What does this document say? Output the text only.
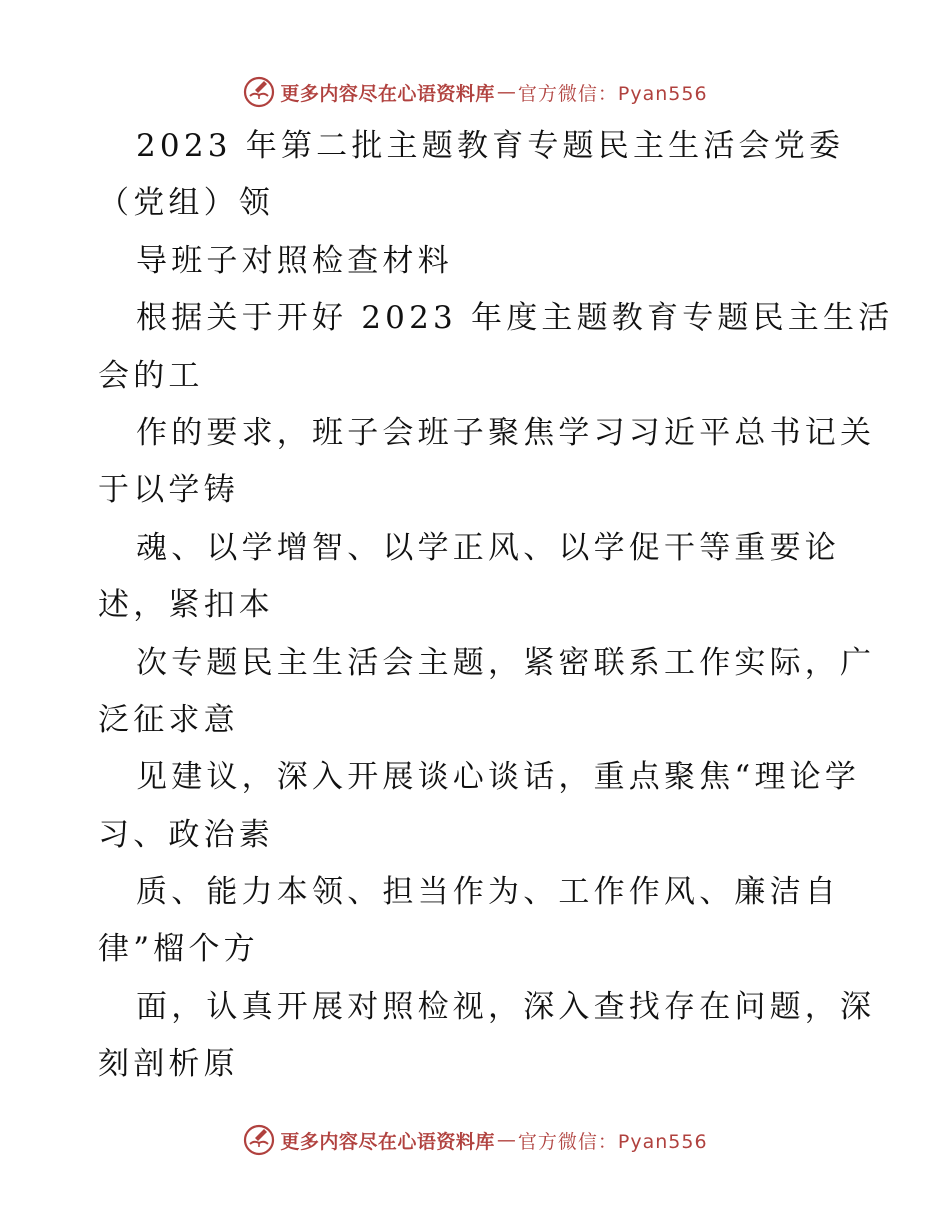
更多内容尽在心语资料库 — 官方微信：Pyan556
2023 年第二批主题教育专题民主生活会党委
（党组）领
导班子对照检查材料
根据关于开好 2023 年度主题教育专题民主生活
会的工
作的要求，班子会班子聚焦学习习近平总书记关
于以学铸
魂、以学增智、以学正风、以学促干等重要论
述，紧扣本
次专题民主生活会主题，紧密联系工作实际，广
泛征求意
见建议，深入开展谈心谈话，重点聚焦“理论学
习、政治素
质、能力本领、担当作为、工作作风、廉洁自
律”榴个方
面，认真开展对照检视，深入查找存在问题，深
刻剖析原
更多内容尽在心语资料库 — 官方微信：Pyan556
